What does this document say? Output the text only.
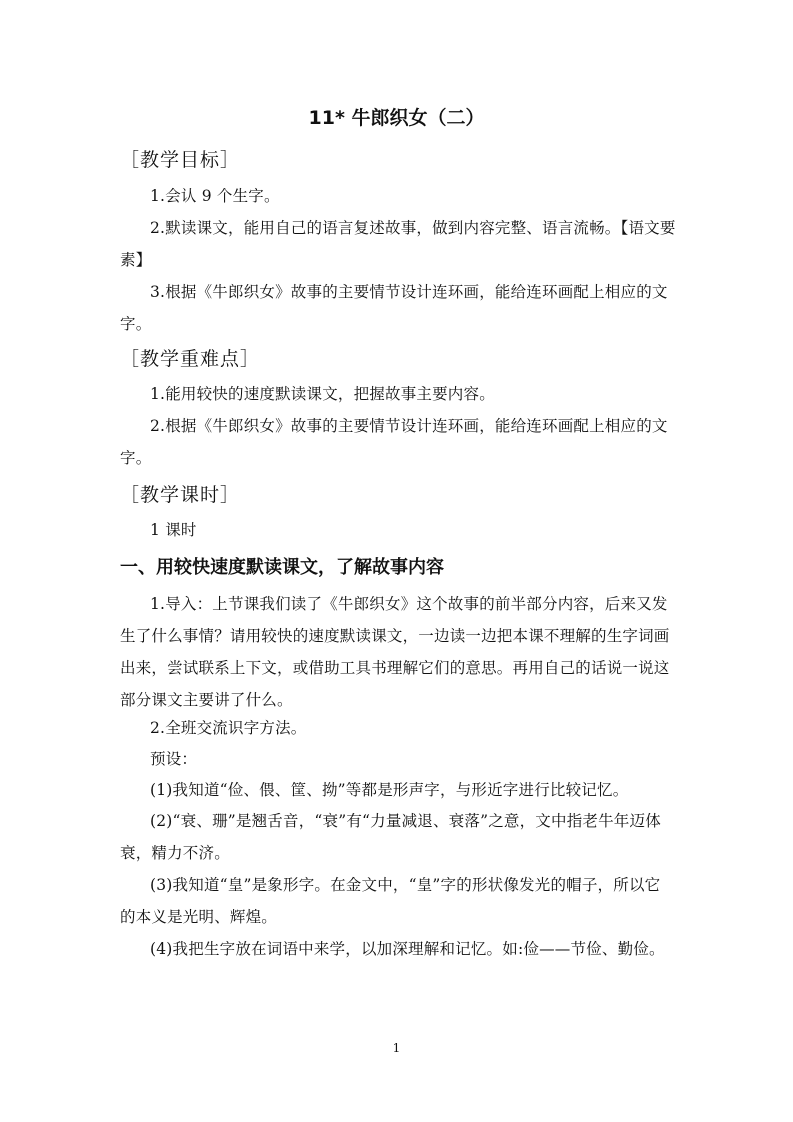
11* 牛郎织女（二）
［教学目标］
1.会认 9 个生字。
2.默读课文，能用自己的语言复述故事，做到内容完整、语言流畅。【语文要素】
3.根据《牛郎织女》故事的主要情节设计连环画，能给连环画配上相应的文字。
［教学重难点］
1.能用较快的速度默读课文，把握故事主要内容。
2.根据《牛郎织女》故事的主要情节设计连环画，能给连环画配上相应的文字。
［教学课时］
1 课时
一、用较快速度默读课文，了解故事内容
1.导入：上节课我们读了《牛郎织女》这个故事的前半部分内容，后来又发生了什么事情？请用较快的速度默读课文，一边读一边把本课不理解的生字词画出来，尝试联系上下文，或借助工具书理解它们的意思。再用自己的话说一说这部分课文主要讲了什么。
2.全班交流识字方法。
预设：
(1)我知道“俭、偎、筐、拗”等都是形声字，与形近字进行比较记忆。
(2)“衰、珊”是翘舌音，“衰”有“力量减退、衰落”之意，文中指老牛年迈体衰，精力不济。
(3)我知道“皇”是象形字。在金文中，“皇”字的形状像发光的帽子，所以它的本义是光明、辉煌。
(4)我把生字放在词语中来学，以加深理解和记忆。如:俭——节俭、勤俭。
1
